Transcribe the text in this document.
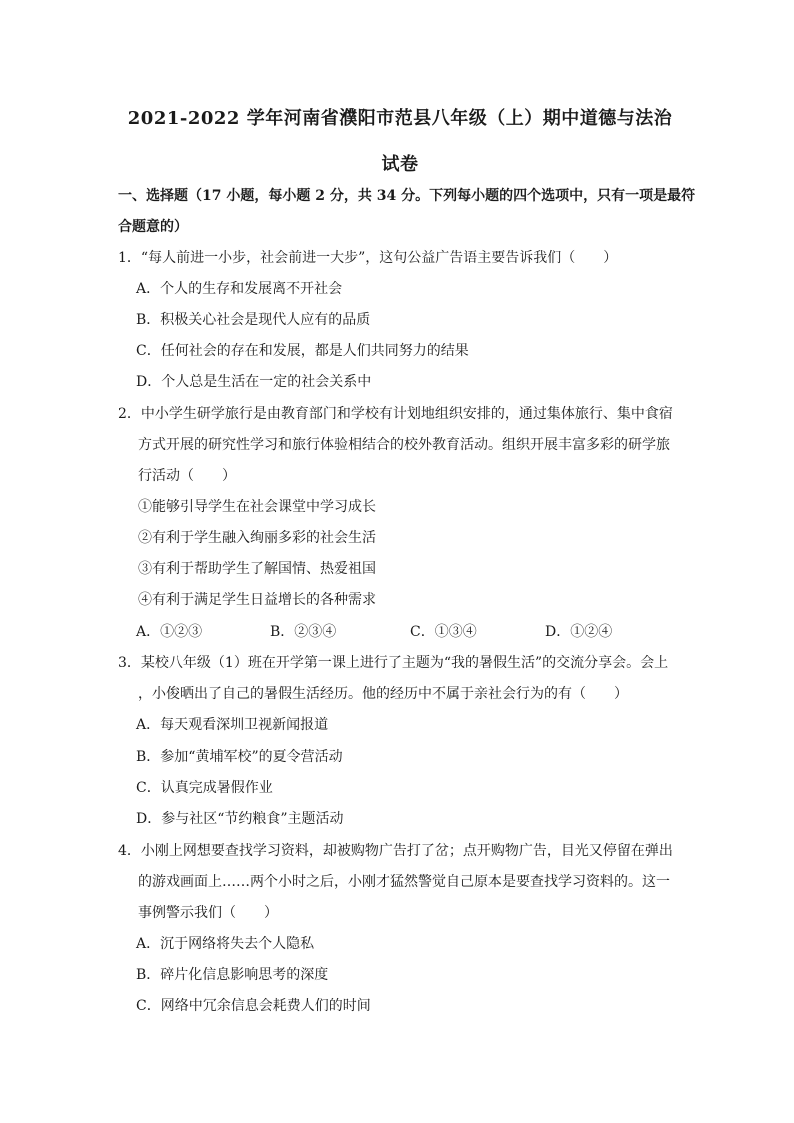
2021-2022 学年河南省濮阳市范县八年级（上）期中道德与法治
试卷
一、选择题（17 小题，每小题 2 分，共 34 分。下列每小题的四个选项中，只有一项是最符
合题意的）
1．“每人前进一小步，社会前进一大步”，这句公益广告语主要告诉我们（　　）
A．个人的生存和发展离不开社会
B．积极关心社会是现代人应有的品质
C．任何社会的存在和发展，都是人们共同努力的结果
D．个人总是生活在一定的社会关系中
2．中小学生研学旅行是由教育部门和学校有计划地组织安排的，通过集体旅行、集中食宿
方式开展的研究性学习和旅行体验相结合的校外教育活动。组织开展丰富多彩的研学旅
行活动（　　）
①能够引导学生在社会课堂中学习成长
②有利于学生融入绚丽多彩的社会生活
③有利于帮助学生了解国情、热爱祖国
④有利于满足学生日益增长的各种需求
A．①②③	B．②③④	C．①③④	D．①②④
3．某校八年级（1）班在开学第一课上进行了主题为“我的暑假生活”的交流分享会。会上
，小俊晒出了自己的暑假生活经历。他的经历中不属于亲社会行为的有（　　）
A．每天观看深圳卫视新闻报道
B．参加“黄埔军校”的夏令营活动
C．认真完成暑假作业
D．参与社区“节约粮食”主题活动
4．小刚上网想要查找学习资料，却被购物广告打了岔；点开购物广告，目光又停留在弹出
的游戏画面上……两个小时之后，小刚才猛然警觉自己原本是要查找学习资料的。这一
事例警示我们（　　）
A．沉于网络将失去个人隐私
B．碎片化信息影响思考的深度
C．网络中冗余信息会耗费人们的时间
